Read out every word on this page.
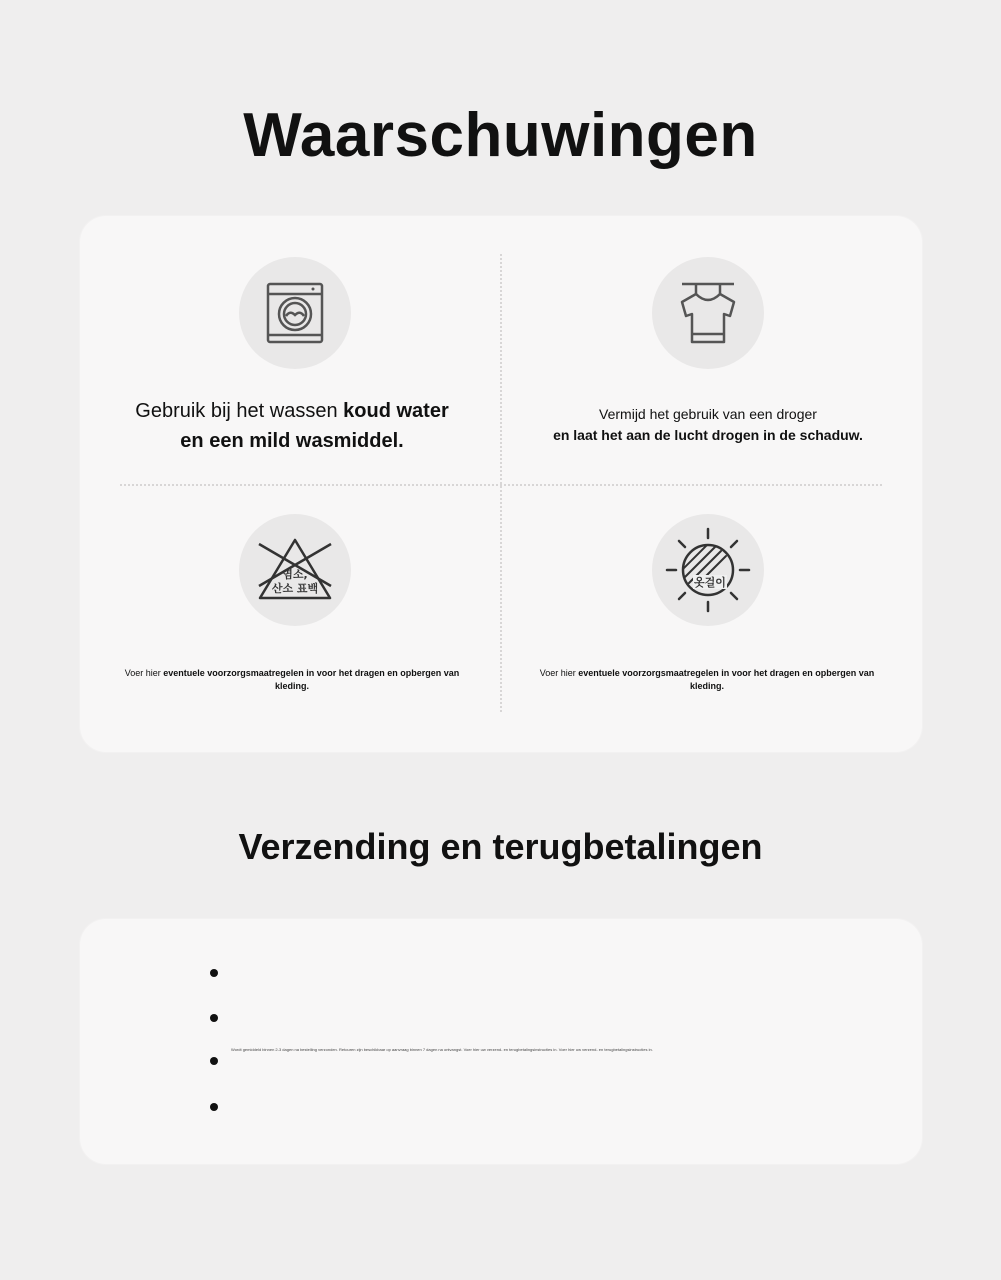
Waarschuwingen
Gebruik bij het wassen koud water
en een mild wasmiddel.
Vermijd het gebruik van een droger
en laat het aan de lucht drogen in de schaduw.
염소,
산소 표백
Voer hier eventuele voorzorgsmaatregelen in voor het dragen en opbergen van kleding.
옷걸이
Voer hier eventuele voorzorgsmaatregelen in voor het dragen en opbergen van kleding.
Verzending en terugbetalingen
Wordt gemiddeld binnen 2-3 dagen na bestelling verzonden. Retouren zijn beschikbaar op aanvraag binnen 7 dagen na ontvangst. Voer hier uw verzend- en terugbetalingsinstructies in. Voer hier uw verzend- en terugbetalingsinstructies in.
